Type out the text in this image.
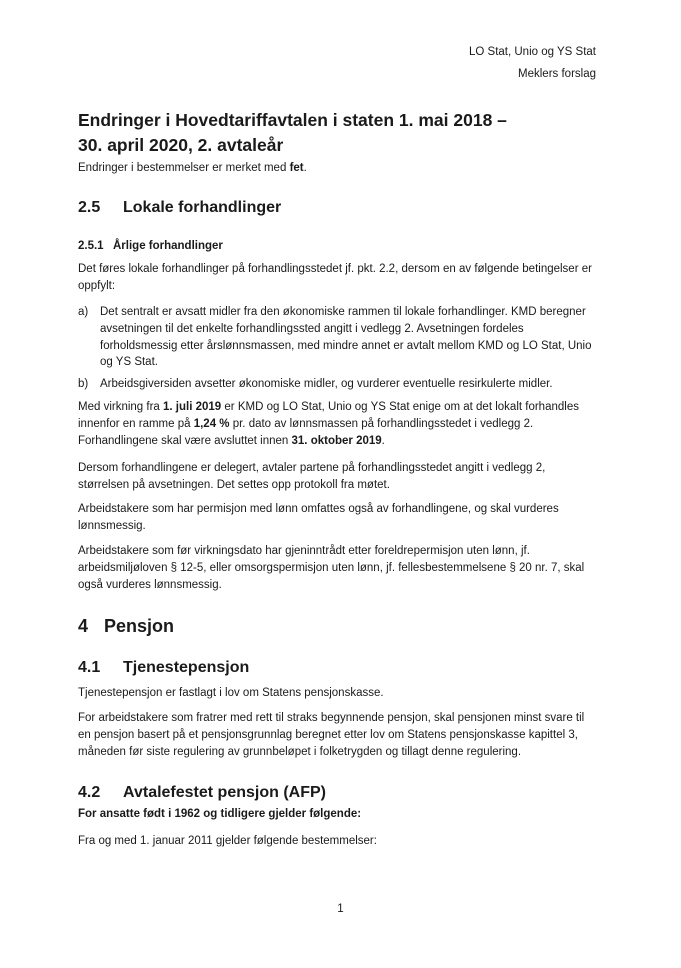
LO Stat, Unio og YS Stat
Meklers forslag
Endringer i Hovedtariffavtalen i staten 1. mai 2018 –
30. april 2020, 2. avtaleår
Endringer i bestemmelser er merket med fet.
2.5 Lokale forhandlinger
2.5.1 Årlige forhandlinger
Det føres lokale forhandlinger på forhandlingsstedet jf. pkt. 2.2, dersom en av følgende betingelser er oppfylt:
a) Det sentralt er avsatt midler fra den økonomiske rammen til lokale forhandlinger. KMD beregner avsetningen til det enkelte forhandlingssted angitt i vedlegg 2. Avsetningen fordeles forholdsmessig etter årslønnsmassen, med mindre annet er avtalt mellom KMD og LO Stat, Unio og YS Stat.
b) Arbeidsgiversiden avsetter økonomiske midler, og vurderer eventuelle resirkulerte midler.
Med virkning fra 1. juli 2019 er KMD og LO Stat, Unio og YS Stat enige om at det lokalt forhandles innenfor en ramme på 1,24 % pr. dato av lønnsmassen på forhandlingsstedet i vedlegg 2. Forhandlingene skal være avsluttet innen 31. oktober 2019.
Dersom forhandlingene er delegert, avtaler partene på forhandlingsstedet angitt i vedlegg 2, størrelsen på avsetningen. Det settes opp protokoll fra møtet.
Arbeidstakere som har permisjon med lønn omfattes også av forhandlingene, og skal vurderes lønnsmessig.
Arbeidstakere som før virkningsdato har gjeninntrådt etter foreldrepermisjon uten lønn, jf. arbeidsmiljøloven § 12-5, eller omsorgspermisjon uten lønn, jf. fellesbestemmelsene § 20 nr. 7, skal også vurderes lønnsmessig.
4 Pensjon
4.1 Tjenestepensjon
Tjenestepensjon er fastlagt i lov om Statens pensjonskasse.
For arbeidstakere som fratrer med rett til straks begynnende pensjon, skal pensjonen minst svare til en pensjon basert på et pensjonsgrunnlag beregnet etter lov om Statens pensjonskasse kapittel 3, måneden før siste regulering av grunnbeløpet i folketrygden og tillagt denne regulering.
4.2 Avtalefestet pensjon (AFP)
For ansatte født i 1962 og tidligere gjelder følgende:
Fra og med 1. januar 2011 gjelder følgende bestemmelser:
1
